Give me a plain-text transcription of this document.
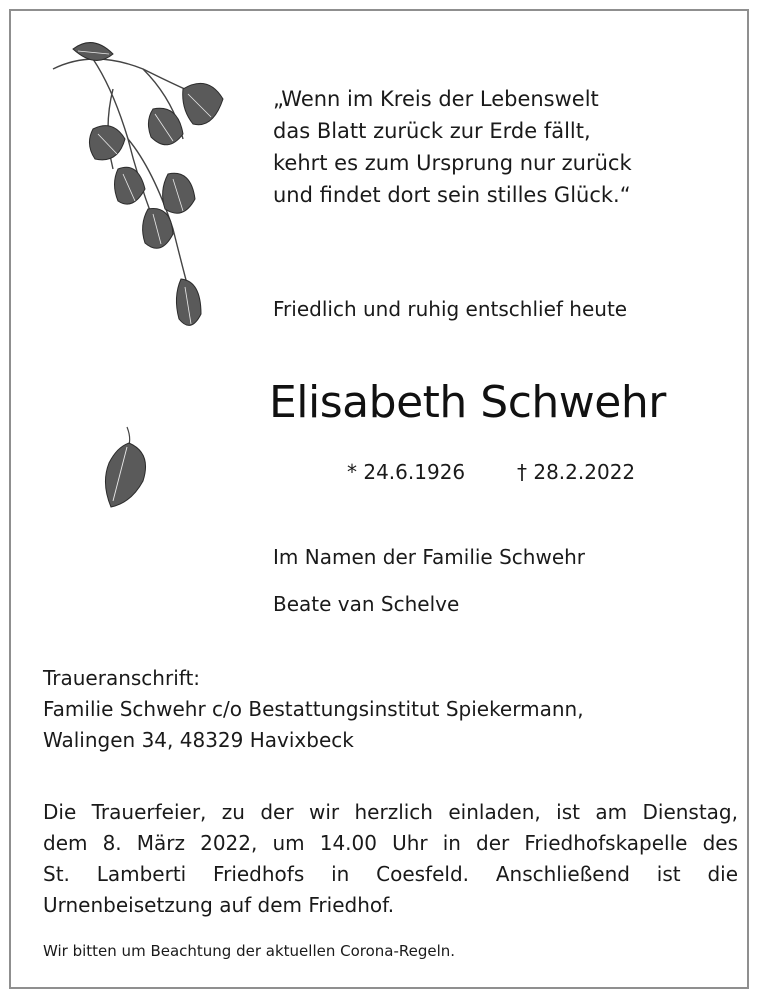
„Wenn im Kreis der Lebenswelt
das Blatt zurück zur Erde fällt,
kehrt es zum Ursprung nur zurück
und findet dort sein stilles Glück.“
Friedlich und ruhig entschlief heute
Elisabeth Schwehr
* 24.6.1926	† 28.2.2022
Im Namen der Familie Schwehr
Beate van Schelve
Traueranschrift:
Familie Schwehr c/o Bestattungsinstitut Spiekermann,
Walingen 34, 48329 Havixbeck
Die Trauerfeier, zu der wir herzlich einladen, ist am Dienstag,
dem 8. März 2022, um 14.00 Uhr in der Friedhofskapelle des
St. Lamberti Friedhofs in Coesfeld. Anschließend ist die
Urnenbeisetzung auf dem Friedhof.
Wir bitten um Beachtung der aktuellen Corona-Regeln.
